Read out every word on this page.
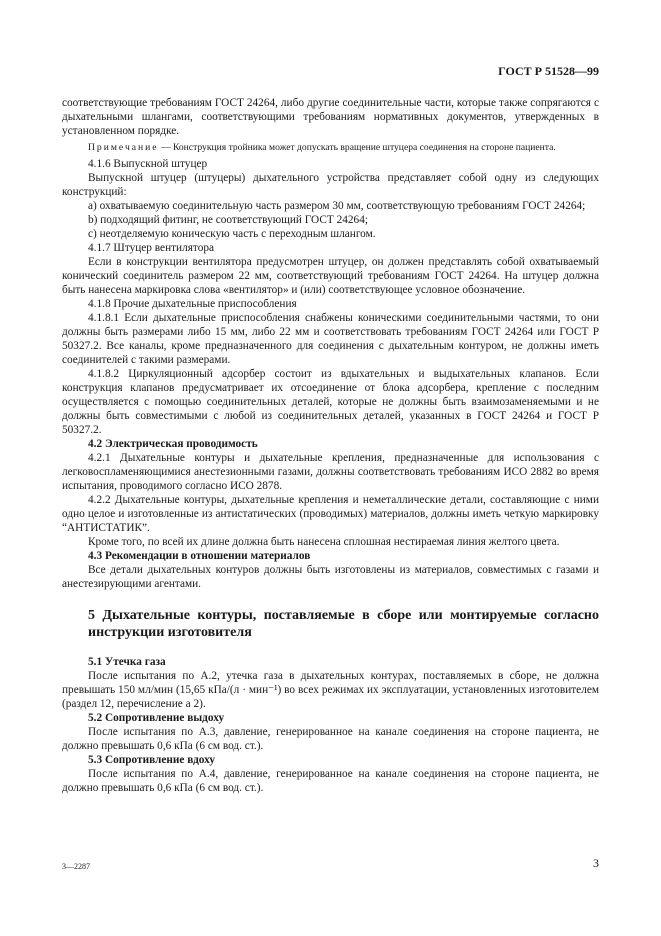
ГОСТ Р 51528—99

соответствующие требованиям ГОСТ 24264, либо другие соединительные части, которые также сопрягаются с дыхательными шлангами, соответствующими требованиям нормативных документов, утвержденных в установленном порядке.

Примечание — Конструкция тройника может допускать вращение штуцера соединения на стороне пациента.

4.1.6 Выпускной штуцер

Выпускной штуцер (штуцеры) дыхательного устройства представляет собой одну из следующих конструкций:

а) охватываемую соединительную часть размером 30 мм, соответствующую требованиям ГОСТ 24264;

b) подходящий фитинг, не соответствующий ГОСТ 24264;

с) неотделяемую коническую часть с переходным шлангом.

4.1.7 Штуцер вентилятора

Если в конструкции вентилятора предусмотрен штуцер, он должен представлять собой охватываемый конический соединитель размером 22 мм, соответствующий требованиям ГОСТ 24264. На штуцер должна быть нанесена маркировка слова «вентилятор» и (или) соответствующее условное обозначение.

4.1.8 Прочие дыхательные приспособления

4.1.8.1 Если дыхательные приспособления снабжены коническими соединительными частями, то они должны быть размерами либо 15 мм, либо 22 мм и соответствовать требованиям ГОСТ 24264 или ГОСТ Р 50327.2. Все каналы, кроме предназначенного для соединения с дыхательным контуром, не должны иметь соединителей с такими размерами.

4.1.8.2 Циркуляционный адсорбер состоит из вдыхательных и выдыхательных клапанов. Если конструкция клапанов предусматривает их отсоединение от блока адсорбера, крепление с последним осуществляется с помощью соединительных деталей, которые не должны быть взаимозаменяемыми и не должны быть совместимыми с любой из соединительных деталей, указанных в ГОСТ 24264 и ГОСТ Р 50327.2.

4.2 Электрическая проводимость

4.2.1 Дыхательные контуры и дыхательные крепления, предназначенные для использования с легковоспламеняющимися анестезионными газами, должны соответствовать требованиям ИСО 2882 во время испытания, проводимого согласно ИСО 2878.

4.2.2 Дыхательные контуры, дыхательные крепления и неметаллические детали, составляющие с ними одно целое и изготовленные из антистатических (проводимых) материалов, должны иметь четкую маркировку “АНТИСТАТИК”.

Кроме того, по всей их длине должна быть нанесена сплошная нестираемая линия желтого цвета.

4.3 Рекомендации в отношении материалов

Все детали дыхательных контуров должны быть изготовлены из материалов, совместимых с газами и анестезирующими агентами.

5 Дыхательные контуры, поставляемые в сборе или монтируемые согласно инструкции изготовителя

5.1 Утечка газа

После испытания по А.2, утечка газа в дыхательных контурах, поставляемых в сборе, не должна превышать 150 мл/мин (15,65 кПа/(л · мин⁻¹) во всех режимах их эксплуатации, установленных изготовителем (раздел 12, перечисление а 2).

5.2 Сопротивление выдоху

После испытания по А.3, давление, генерированное на канале соединения на стороне пациента, не должно превышать 0,6 кПа (6 см вод. ст.).

5.3 Сопротивление вдоху

После испытания по А.4, давление, генерированное на канале соединения на стороне пациента, не должно превышать 0,6 кПа (6 см вод. ст.).

3—2287	3
